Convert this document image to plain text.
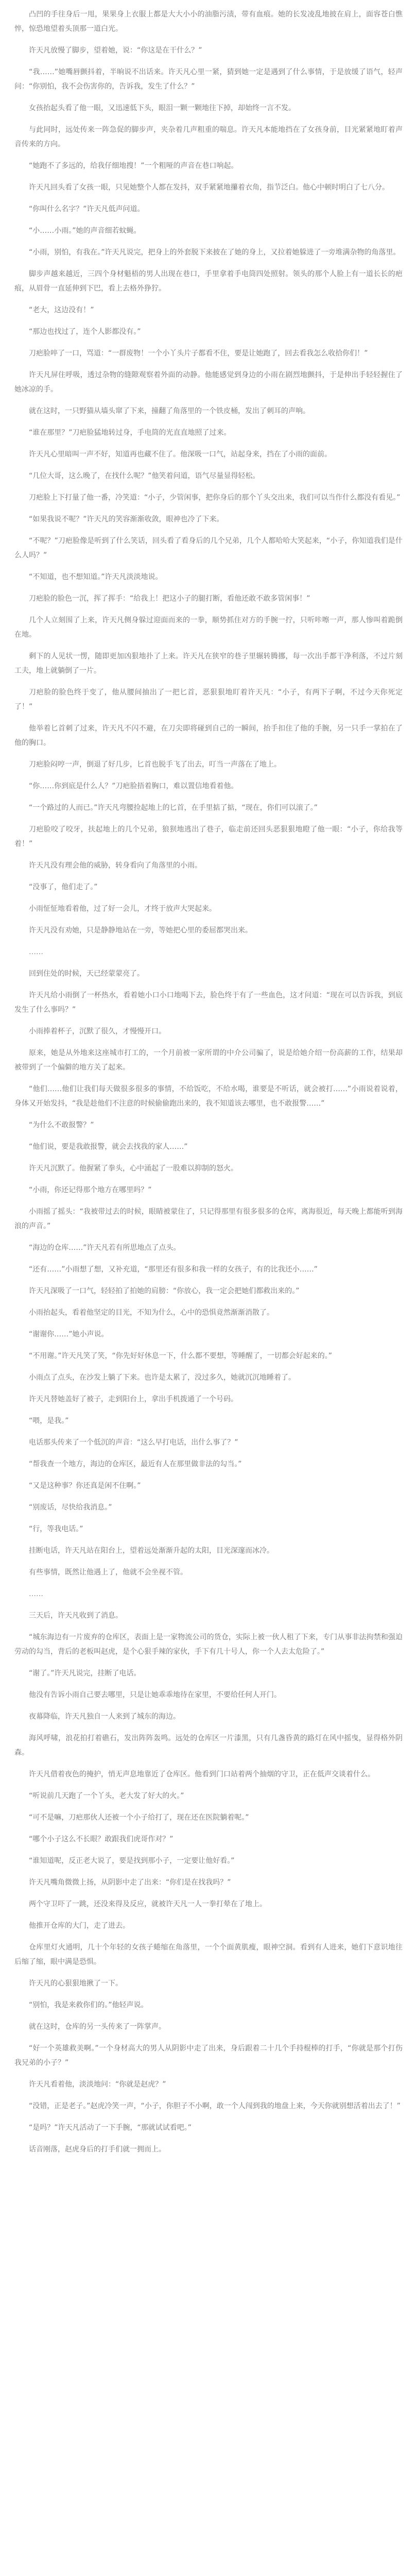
凸凹的手往身后一甩，果果身上衣服上都是大大小小的油脂污渍，带有血痕。她的长发凌乱地披在肩上，面容苍白憔悴，惊恐地望着头顶那一道白光。

许天凡放慢了脚步，望着她，说：“你这是在干什么？”

“我……”她嘴唇颤抖着，半晌说不出话来。许天凡心里一紧，猜到她一定是遇到了什么事情，于是放缓了语气，轻声问：“你别怕，我不会伤害你的，告诉我，发生了什么？”

女孩抬起头看了他一眼，又迅速低下头，眼泪一颗一颗地往下掉，却始终一言不发。

与此同时，远处传来一阵急促的脚步声，夹杂着几声粗重的喘息。许天凡本能地挡在了女孩身前，目光紧紧地盯着声音传来的方向。

“她跑不了多远的，给我仔细地搜！”一个粗哑的声音在巷口响起。

许天凡回头看了女孩一眼，只见她整个人都在发抖，双手紧紧地攥着衣角，指节泛白。他心中顿时明白了七八分。

“你叫什么名字？”许天凡低声问道。

“小……小雨。”她的声音细若蚊蝇。

“小雨，别怕，有我在。”许天凡说完，把身上的外套脱下来披在了她的身上，又拉着她躲进了一旁堆满杂物的角落里。

脚步声越来越近，三四个身材魁梧的男人出现在巷口，手里拿着手电筒四处照射。领头的那个人脸上有一道长长的疤痕，从眉骨一直延伸到下巴，看上去格外狰狞。

“老大，这边没有！”

“那边也找过了，连个人影都没有。”

刀疤脸啐了一口，骂道：“一群废物！一个小丫头片子都看不住，要是让她跑了，回去看我怎么收拾你们！”

许天凡屏住呼吸，透过杂物的缝隙观察着外面的动静。他能感觉到身边的小雨在剧烈地颤抖，于是伸出手轻轻握住了她冰凉的手。

就在这时，一只野猫从墙头窜了下来，撞翻了角落里的一个铁皮桶，发出了刺耳的声响。

“谁在那里？”刀疤脸猛地转过身，手电筒的光直直地照了过来。

许天凡心里暗叫一声不好，知道再也藏不住了。他深吸一口气，站起身来，挡在了小雨的面前。

“几位大哥，这么晚了，在找什么呢？”他笑着问道，语气尽量显得轻松。

刀疤脸上下打量了他一番，冷笑道：“小子，少管闲事，把你身后的那个丫头交出来，我们可以当作什么都没有看见。”

“如果我说不呢？”许天凡的笑容渐渐收敛，眼神也冷了下来。

“不呢？”刀疤脸像是听到了什么笑话，回头看了看身后的几个兄弟，几个人都哈哈大笑起来，“小子，你知道我们是什么人吗？”

“不知道，也不想知道。”许天凡淡淡地说。

刀疤脸的脸色一沉，挥了挥手：“给我上！把这小子的腿打断，看他还敢不敢多管闲事！”

几个人立刻围了上来，许天凡侧身躲过迎面而来的一拳，顺势抓住对方的手腕一拧，只听咔嚓一声，那人惨叫着跪倒在地。

剩下的人见状一愣，随即更加凶狠地扑了上来。许天凡在狭窄的巷子里辗转腾挪，每一次出手都干净利落，不过片刻工夫，地上就躺倒了一片。

刀疤脸的脸色终于变了，他从腰间抽出了一把匕首，恶狠狠地盯着许天凡：“小子，有两下子啊，不过今天你死定了！”

他举着匕首刺了过来，许天凡不闪不避，在刀尖即将碰到自己的一瞬间，抬手扣住了他的手腕，另一只手一掌拍在了他的胸口。

刀疤脸闷哼一声，倒退了好几步，匕首也脱手飞了出去，叮当一声落在了地上。

“你……你到底是什么人？”刀疤脸捂着胸口，难以置信地看着他。

“一个路过的人而已。”许天凡弯腰捡起地上的匕首，在手里掂了掂，“现在，你们可以滚了。”

刀疤脸咬了咬牙，扶起地上的几个兄弟，狼狈地逃出了巷子，临走前还回头恶狠狠地瞪了他一眼：“小子，你给我等着！”

许天凡没有理会他的威胁，转身看向了角落里的小雨。

“没事了，他们走了。”

小雨怔怔地看着他，过了好一会儿，才终于放声大哭起来。

许天凡没有劝她，只是静静地站在一旁，等她把心里的委屈都哭出来。

……

回到住处的时候，天已经蒙蒙亮了。

许天凡给小雨倒了一杯热水，看着她小口小口地喝下去，脸色终于有了一些血色，这才问道：“现在可以告诉我，到底发生了什么事吗？”

小雨捧着杯子，沉默了很久，才慢慢开口。

原来，她是从外地来这座城市打工的，一个月前被一家所谓的中介公司骗了，说是给她介绍一份高薪的工作，结果却被带到了一个偏僻的地方关了起来。

“他们……他们让我们每天做很多很多的事情，不给饭吃，不给水喝，谁要是不听话，就会被打……”小雨说着说着，身体又开始发抖，“我是趁他们不注意的时候偷偷跑出来的，我不知道该去哪里，也不敢报警……”

“为什么不敢报警？”

“他们说，要是我敢报警，就会去找我的家人……”

许天凡沉默了。他握紧了拳头，心中涌起了一股难以抑制的怒火。

“小雨，你还记得那个地方在哪里吗？”

小雨摇了摇头：“我被带过去的时候，眼睛被蒙住了，只记得那里有很多很多的仓库，离海很近，每天晚上都能听到海浪的声音。”

“海边的仓库……”许天凡若有所思地点了点头。

“还有……”小雨想了想，又补充道，“那里还有很多和我一样的女孩子，有的比我还小……”

许天凡深吸了一口气，轻轻拍了拍她的肩膀：“你放心，我一定会把她们都救出来的。”

小雨抬起头，看着他坚定的目光，不知为什么，心中的恐惧竟然渐渐消散了。

“谢谢你……”她小声说。

“不用谢。”许天凡笑了笑，“你先好好休息一下，什么都不要想，等睡醒了，一切都会好起来的。”

小雨点了点头，在沙发上躺了下来。也许是太累了，没过多久，她就沉沉地睡着了。

许天凡替她盖好了被子，走到阳台上，拿出手机拨通了一个号码。

“喂，是我。”

电话那头传来了一个低沉的声音：“这么早打电话，出什么事了？”

“帮我查一个地方，海边的仓库区，最近有人在那里做非法的勾当。”

“又是这种事？你还真是闲不住啊。”

“别废话，尽快给我消息。”

“行，等我电话。”

挂断电话，许天凡站在阳台上，望着远处渐渐升起的太阳，目光深邃而冰冷。

有些事情，既然让他遇上了，他就不会坐视不管。

……

三天后，许天凡收到了消息。

“城东海边有一片废弃的仓库区，表面上是一家物流公司的货仓，实际上被一伙人租了下来，专门从事非法拘禁和强迫劳动的勾当，背后的老板叫赵虎，是个心狠手辣的家伙，手下有几十号人，你一个人去太危险了。”

“谢了。”许天凡说完，挂断了电话。

他没有告诉小雨自己要去哪里，只是让她乖乖地待在家里，不要给任何人开门。

夜幕降临，许天凡独自一人来到了城东的海边。

海风呼啸，浪花拍打着礁石，发出阵阵轰鸣。远处的仓库区一片漆黑，只有几盏昏黄的路灯在风中摇曳，显得格外阴森。

许天凡借着夜色的掩护，悄无声息地靠近了仓库区。他看到门口站着两个抽烟的守卫，正在低声交谈着什么。

“听说前几天跑了一个丫头，老大发了好大的火。”

“可不是嘛，刀疤那伙人还被一个小子给打了，现在还在医院躺着呢。”

“哪个小子这么不长眼？敢跟我们虎哥作对？”

“谁知道呢，反正老大说了，要是找到那小子，一定要让他好看。”

许天凡嘴角微微上扬，从阴影中走了出来：“你们是在找我吗？”

两个守卫吓了一跳，还没来得及反应，就被许天凡一人一拳打晕在了地上。

他推开仓库的大门，走了进去。

仓库里灯火通明，几十个年轻的女孩子蜷缩在角落里，一个个面黄肌瘦，眼神空洞。看到有人进来，她们下意识地往后缩了缩，眼中满是恐惧。

许天凡的心狠狠地揪了一下。

“别怕，我是来救你们的。”他轻声说。

就在这时，仓库的另一头传来了一阵掌声。

“好一个英雄救美啊。”一个身材高大的男人从阴影中走了出来，身后跟着二十几个手持棍棒的打手，“你就是那个打伤我兄弟的小子？”

许天凡看着他，淡淡地问：“你就是赵虎？”

“没错，正是老子。”赵虎冷笑一声，“小子，你胆子不小啊，敢一个人闯到我的地盘上来，今天你就别想活着出去了！”

“是吗？”许天凡活动了一下手腕，“那就试试看吧。”

话音刚落，赵虎身后的打手们就一拥而上。
